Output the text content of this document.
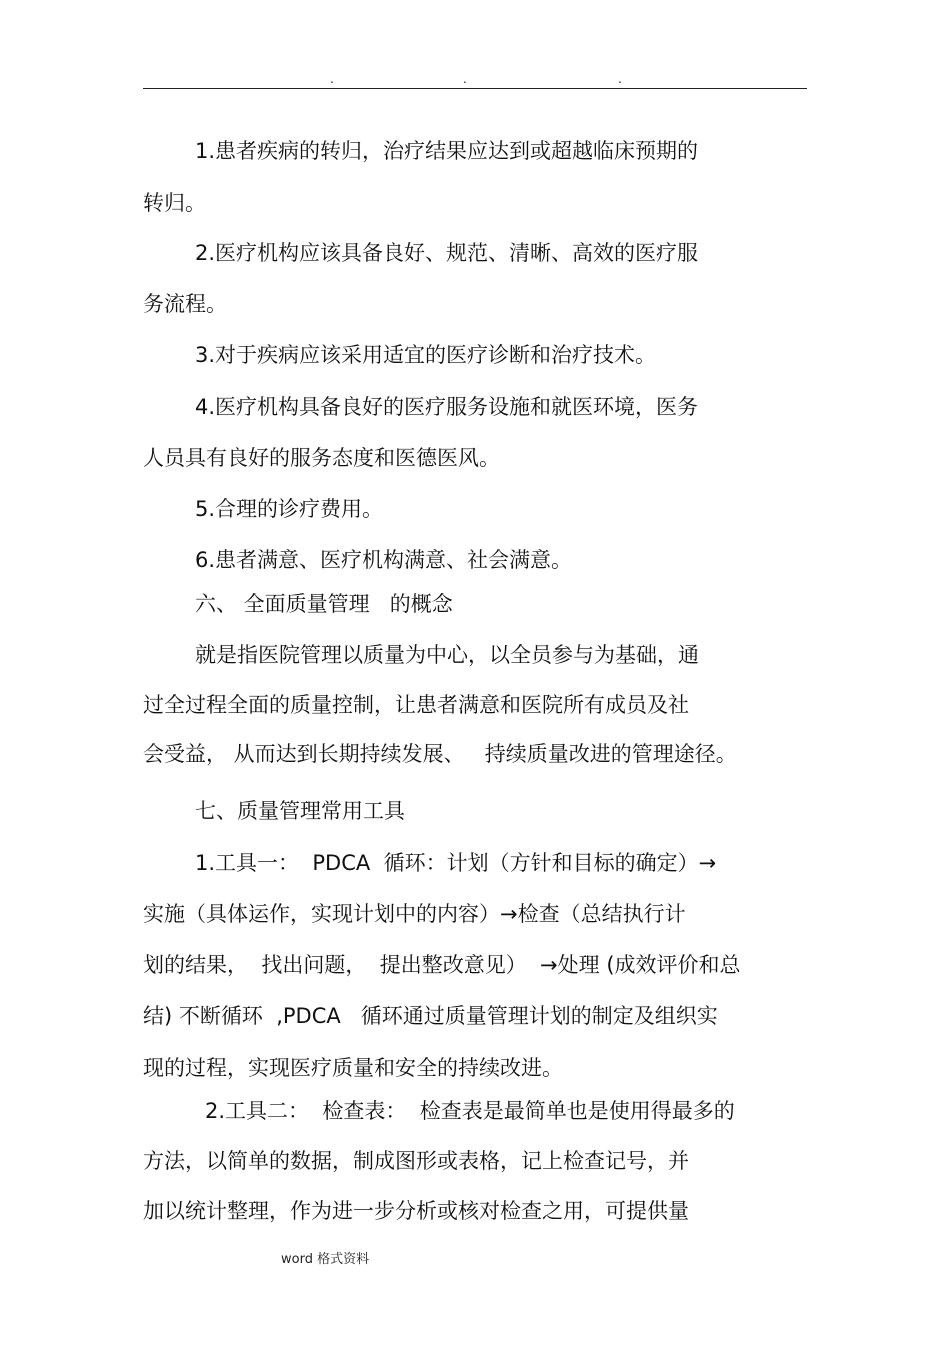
.	.	.
1.患者疾病的转归，治疗结果应达到或超越临床预期的
转归。
2.医疗机构应该具备良好、规范、清晰、高效的医疗服
务流程。
3.对于疾病应该采用适宜的医疗诊断和治疗技术。
4.医疗机构具备良好的医疗服务设施和就医环境，医务
人员具有良好的服务态度和医德医风。
5.合理的诊疗费用。
6.患者满意、医疗机构满意、社会满意。
六、 全面质量管理   的概念
就是指医院管理以质量为中心，以全员参与为基础，通
过全过程全面的质量控制，让患者满意和医院所有成员及社
会受益， 从而达到长期持续发展、   持续质量改进的管理途径。
七、质量管理常用工具
1.工具一：  PDCA  循环：计划（方针和目标的确定）→
实施（具体运作，实现计划中的内容）→检查（总结执行计
划的结果，  找出问题，  提出整改意见）  →处理 (成效评价和总
结) 不断循环  ,PDCA   循环通过质量管理计划的制定及组织实
现的过程，实现医疗质量和安全的持续改进。
2.工具二：  检查表：  检查表是最简单也是使用得最多的
方法，以简单的数据，制成图形或表格，记上检查记号，并
加以统计整理，作为进一步分析或核对检查之用，可提供量
word 格式资料
